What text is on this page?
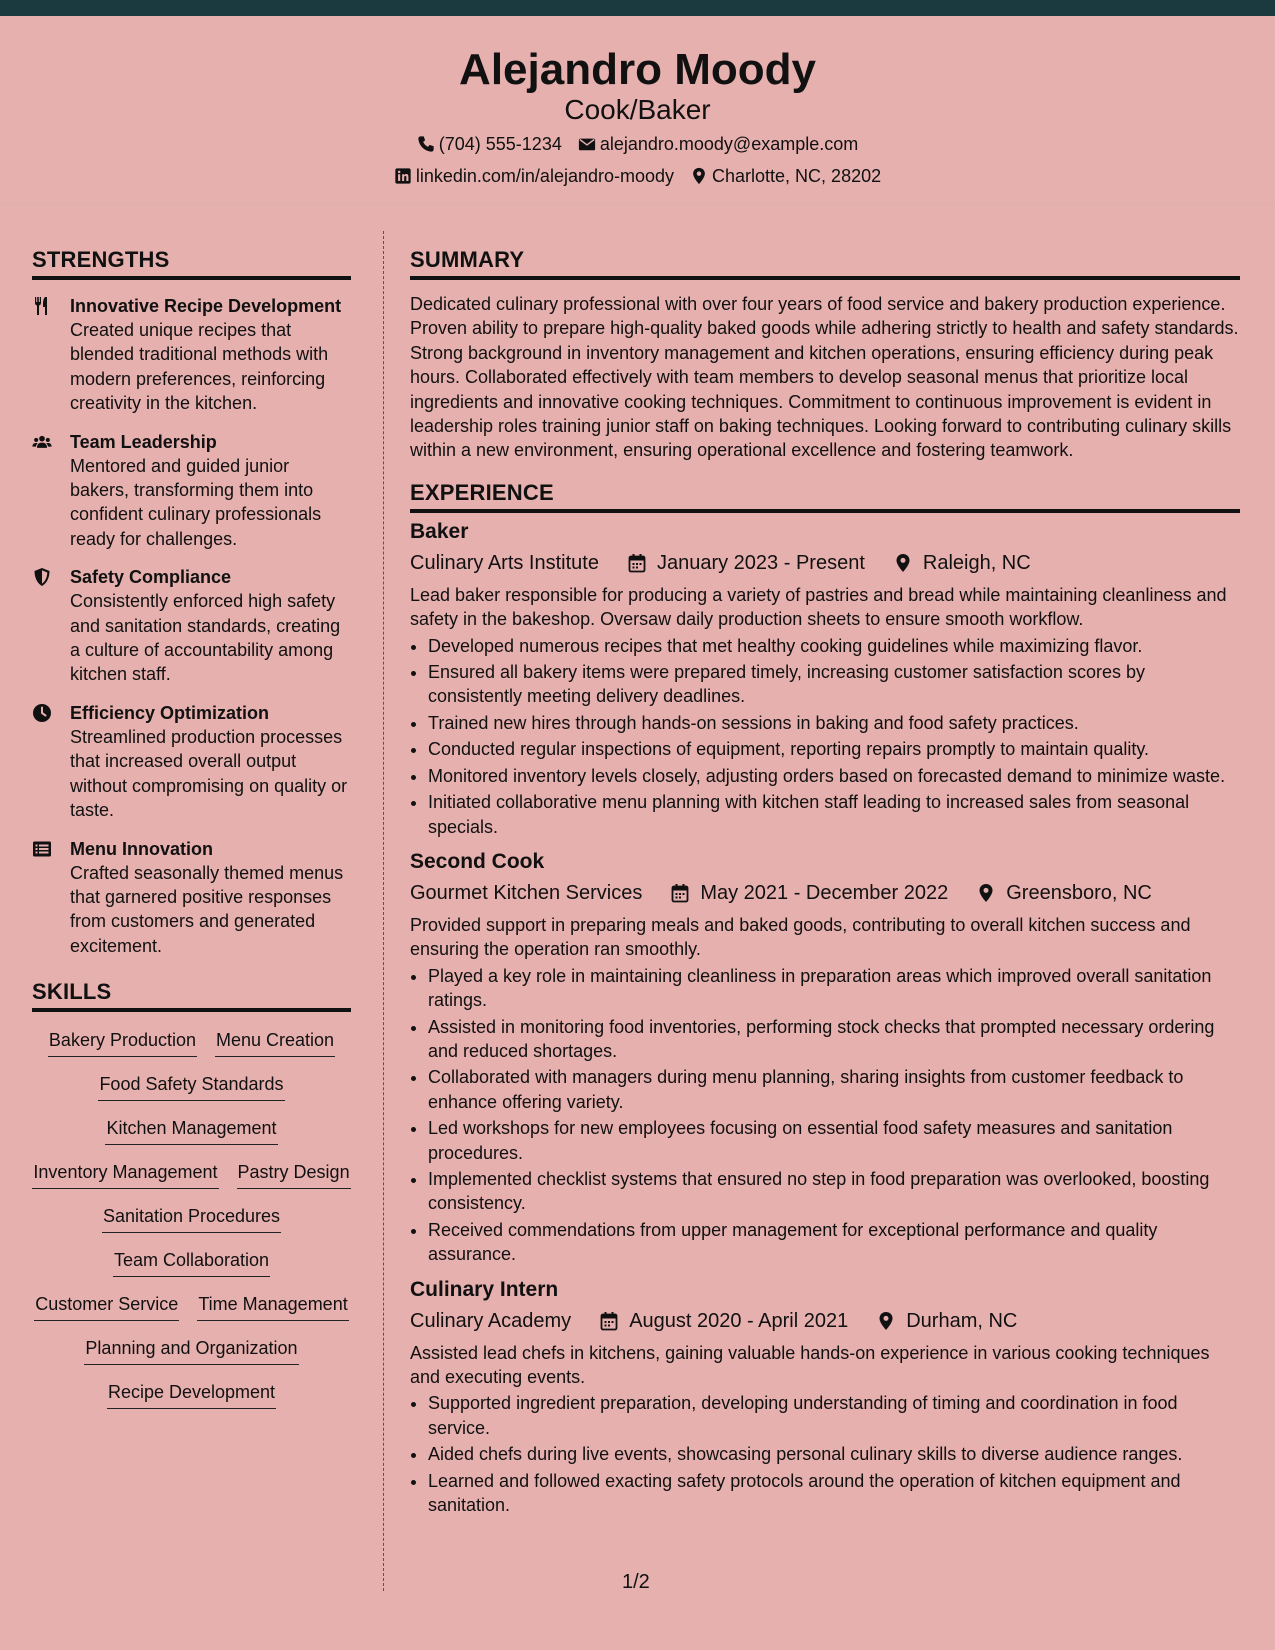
Alejandro Moody
Cook/Baker
(704) 555-1234 alejandro.moody@example.com
linkedin.com/in/alejandro-moody Charlotte, NC, 28202
STRENGTHS
Innovative Recipe Development
Created unique recipes that blended traditional methods with modern preferences, reinforcing creativity in the kitchen.
Team Leadership
Mentored and guided junior bakers, transforming them into confident culinary professionals ready for challenges.
Safety Compliance
Consistently enforced high safety and sanitation standards, creating a culture of accountability among kitchen staff.
Efficiency Optimization
Streamlined production processes that increased overall output without compromising on quality or taste.
Menu Innovation
Crafted seasonally themed menus that garnered positive responses from customers and generated excitement.
SKILLS
Bakery Production Menu Creation
Food Safety Standards
Kitchen Management
Inventory Management Pastry Design
Sanitation Procedures
Team Collaboration
Customer Service Time Management
Planning and Organization
Recipe Development
SUMMARY
Dedicated culinary professional with over four years of food service and bakery production experience. Proven ability to prepare high-quality baked goods while adhering strictly to health and safety standards. Strong background in inventory management and kitchen operations, ensuring efficiency during peak hours. Collaborated effectively with team members to develop seasonal menus that prioritize local ingredients and innovative cooking techniques. Commitment to continuous improvement is evident in leadership roles training junior staff on baking techniques. Looking forward to contributing culinary skills within a new environment, ensuring operational excellence and fostering teamwork.
EXPERIENCE
Baker
Culinary Arts Institute	January 2023 - Present	Raleigh, NC
Lead baker responsible for producing a variety of pastries and bread while maintaining cleanliness and safety in the bakeshop. Oversaw daily production sheets to ensure smooth workflow.
• Developed numerous recipes that met healthy cooking guidelines while maximizing flavor.
• Ensured all bakery items were prepared timely, increasing customer satisfaction scores by consistently meeting delivery deadlines.
• Trained new hires through hands-on sessions in baking and food safety practices.
• Conducted regular inspections of equipment, reporting repairs promptly to maintain quality.
• Monitored inventory levels closely, adjusting orders based on forecasted demand to minimize waste.
• Initiated collaborative menu planning with kitchen staff leading to increased sales from seasonal specials.
Second Cook
Gourmet Kitchen Services	May 2021 - December 2022	Greensboro, NC
Provided support in preparing meals and baked goods, contributing to overall kitchen success and ensuring the operation ran smoothly.
• Played a key role in maintaining cleanliness in preparation areas which improved overall sanitation ratings.
• Assisted in monitoring food inventories, performing stock checks that prompted necessary ordering and reduced shortages.
• Collaborated with managers during menu planning, sharing insights from customer feedback to enhance offering variety.
• Led workshops for new employees focusing on essential food safety measures and sanitation procedures.
• Implemented checklist systems that ensured no step in food preparation was overlooked, boosting consistency.
• Received commendations from upper management for exceptional performance and quality assurance.
Culinary Intern
Culinary Academy	August 2020 - April 2021	Durham, NC
Assisted lead chefs in kitchens, gaining valuable hands-on experience in various cooking techniques and executing events.
• Supported ingredient preparation, developing understanding of timing and coordination in food service.
• Aided chefs during live events, showcasing personal culinary skills to diverse audience ranges.
• Learned and followed exacting safety protocols around the operation of kitchen equipment and sanitation.
1/2
